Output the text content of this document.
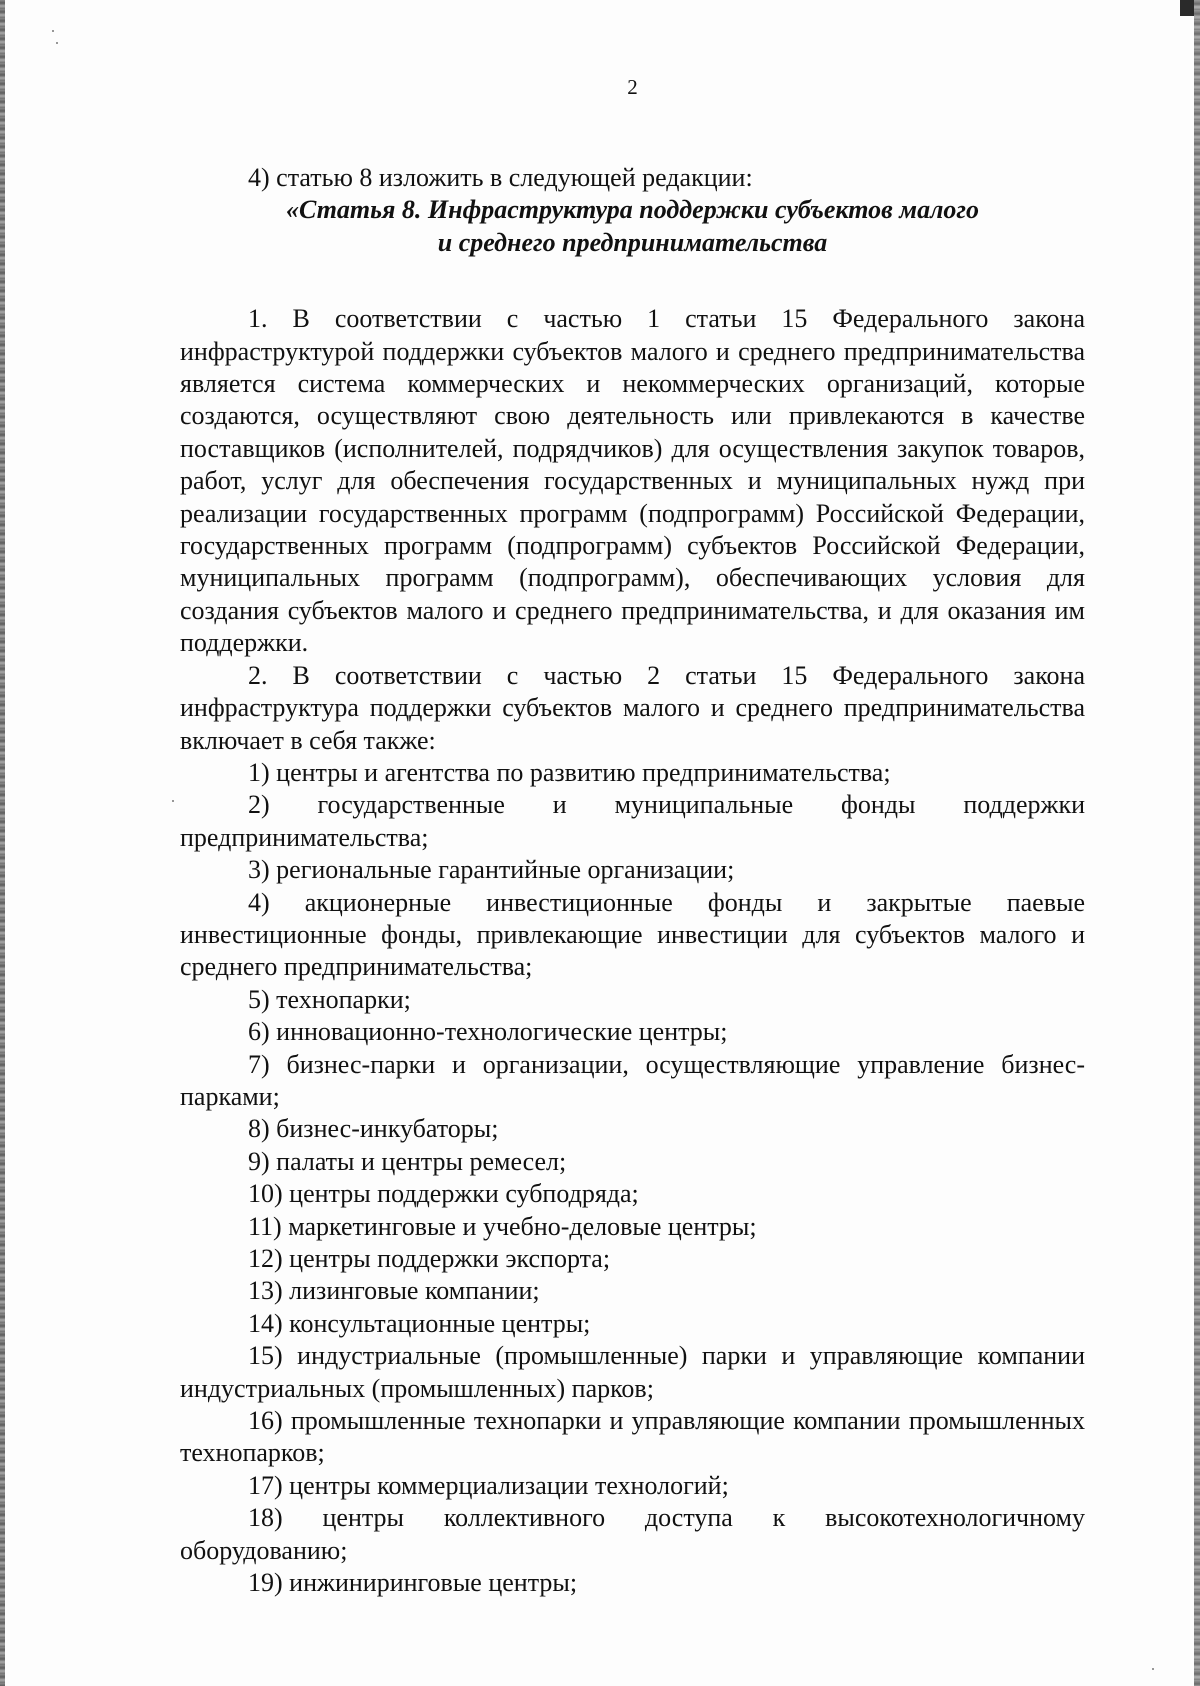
2

4) статью 8 изложить в следующей редакции:

«Статья 8. Инфраструктура поддержки субъектов малого
и среднего предпринимательства

1. В соответствии с частью 1 статьи 15 Федерального закона инфраструктурой поддержки субъектов малого и среднего предпринимательства является система коммерческих и некоммерческих организаций, которые создаются, осуществляют свою деятельность или привлекаются в качестве поставщиков (исполнителей, подрядчиков) для осуществления закупок товаров, работ, услуг для обеспечения государственных и муниципальных нужд при реализации государственных программ (подпрограмм) Российской Федерации, государственных программ (подпрограмм) субъектов Российской Федерации, муниципальных программ (подпрограмм), обеспечивающих условия для создания субъектов малого и среднего предпринимательства, и для оказания им поддержки.

2. В соответствии с частью 2 статьи 15 Федерального закона инфраструктура поддержки субъектов малого и среднего предпринимательства включает в себя также:

1) центры и агентства по развитию предпринимательства;

2) государственные и муниципальные фонды поддержки предпринимательства;

3) региональные гарантийные организации;

4) акционерные инвестиционные фонды и закрытые паевые инвестиционные фонды, привлекающие инвестиции для субъектов малого и среднего предпринимательства;

5) технопарки;

6) инновационно-технологические центры;

7) бизнес-парки и организации, осуществляющие управление бизнес-парками;

8) бизнес-инкубаторы;

9) палаты и центры ремесел;

10) центры поддержки субподряда;

11) маркетинговые и учебно-деловые центры;

12) центры поддержки экспорта;

13) лизинговые компании;

14) консультационные центры;

15) индустриальные (промышленные) парки и управляющие компании индустриальных (промышленных) парков;

16) промышленные технопарки и управляющие компании промышленных технопарков;

17) центры коммерциализации технологий;

18) центры коллективного доступа к высокотехнологичному оборудованию;

19) инжиниринговые центры;
